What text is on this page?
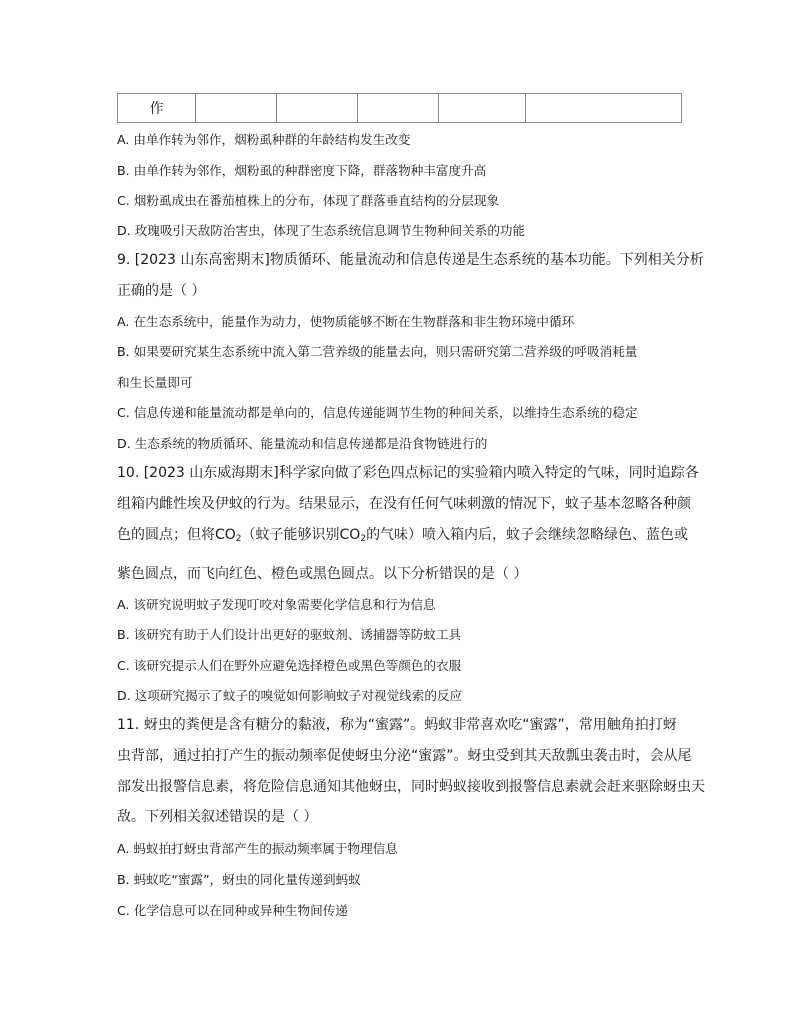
作					
A. 由单作转为邻作，烟粉虱种群的年龄结构发生改变
B. 由单作转为邻作，烟粉虱的种群密度下降，群落物种丰富度升高
C. 烟粉虱成虫在番茄植株上的分布，体现了群落垂直结构的分层现象
D. 玫瑰吸引天敌防治害虫，体现了生态系统信息调节生物种间关系的功能
9. [2023 山东高密期末]物质循环、能量流动和信息传递是生态系统的基本功能。下列相关分析
正确的是（ ）
A. 在生态系统中，能量作为动力，使物质能够不断在生物群落和非生物环境中循环
B. 如果要研究某生态系统中流入第二营养级的能量去向，则只需研究第二营养级的呼吸消耗量
和生长量即可
C. 信息传递和能量流动都是单向的，信息传递能调节生物的种间关系，以维持生态系统的稳定
D. 生态系统的物质循环、能量流动和信息传递都是沿食物链进行的
10. [2023 山东威海期末]科学家向做了彩色四点标记的实验箱内喷入特定的气味，同时追踪各
组箱内雌性埃及伊蚊的行为。结果显示，在没有任何气味刺激的情况下，蚊子基本忽略各种颜
色的圆点；但将$CO_2$（蚊子能够识别$CO_2$的气味）喷入箱内后，蚊子会继续忽略绿色、蓝色或
紫色圆点，而飞向红色、橙色或黑色圆点。以下分析错误的是（ ）
A. 该研究说明蚊子发现叮咬对象需要化学信息和行为信息
B. 该研究有助于人们设计出更好的驱蚊剂、诱捕器等防蚊工具
C. 该研究提示人们在野外应避免选择橙色或黑色等颜色的衣服
D. 这项研究揭示了蚊子的嗅觉如何影响蚊子对视觉线索的反应
11. 蚜虫的粪便是含有糖分的黏液，称为“蜜露”。蚂蚁非常喜欢吃“蜜露”，常用触角拍打蚜
虫背部，通过拍打产生的振动频率促使蚜虫分泌“蜜露”。蚜虫受到其天敌瓢虫袭击时，会从尾
部发出报警信息素，将危险信息通知其他蚜虫，同时蚂蚁接收到报警信息素就会赶来驱除蚜虫天
敌。下列相关叙述错误的是（ ）
A. 蚂蚁拍打蚜虫背部产生的振动频率属于物理信息
B. 蚂蚁吃“蜜露”，蚜虫的同化量传递到蚂蚁
C. 化学信息可以在同种或异种生物间传递
